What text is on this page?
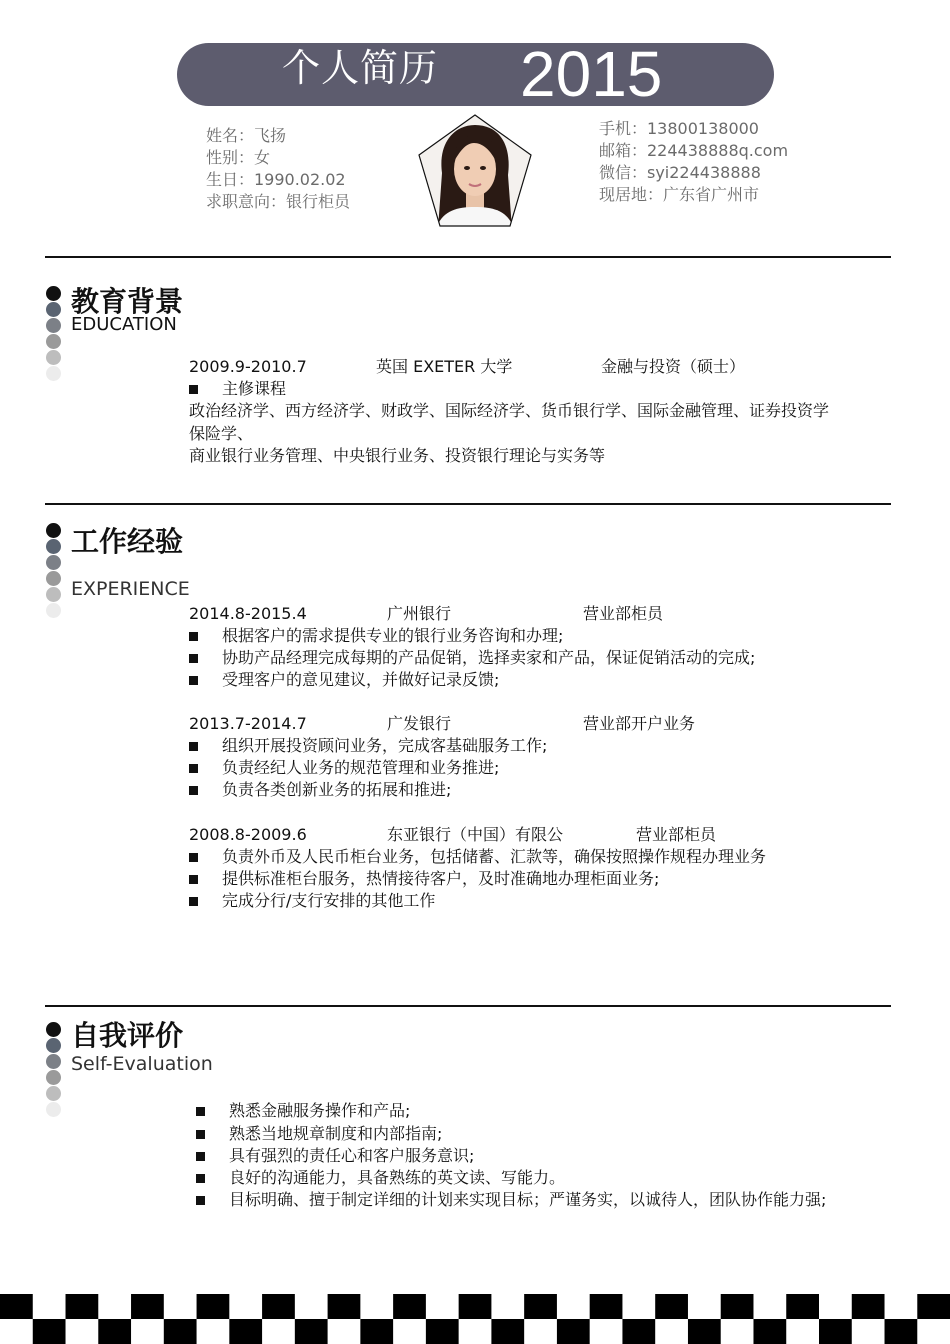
个人简历 2015
姓名：飞扬
性别：女
生日：1990.02.02
求职意向：银行柜员
手机：13800138000
邮箱：224438888q.com
微信：syi224438888
现居地：广东省广州市
教育背景
EDUCATION
2009.9-2010.7	英国 EXETER 大学	金融与投资（硕士）
主修课程
政治经济学、西方经济学、财政学、国际经济学、货币银行学、国际金融管理、证券投资学
保险学、
商业银行业务管理、中央银行业务、投资银行理论与实务等
工作经验
EXPERIENCE
2014.8-2015.4	广州银行	营业部柜员
根据客户的需求提供专业的银行业务咨询和办理;
协助产品经理完成每期的产品促销，选择卖家和产品，保证促销活动的完成;
受理客户的意见建议，并做好记录反馈;
2013.7-2014.7	广发银行	营业部开户业务
组织开展投资顾问业务，完成客基础服务工作;
负责经纪人业务的规范管理和业务推进;
负责各类创新业务的拓展和推进;
2008.8-2009.6	东亚银行（中国）有限公	营业部柜员
负责外币及人民币柜台业务，包括储蓄、汇款等，确保按照操作规程办理业务
提供标准柜台服务，热情接待客户，及时准确地办理柜面业务;
完成分行/支行安排的其他工作
自我评价
Self-Evaluation
熟悉金融服务操作和产品;
熟悉当地规章制度和内部指南;
具有强烈的责任心和客户服务意识;
良好的沟通能力，具备熟练的英文读、写能力。
目标明确、擅于制定详细的计划来实现目标；严谨务实，以诚待人，团队协作能力强;
